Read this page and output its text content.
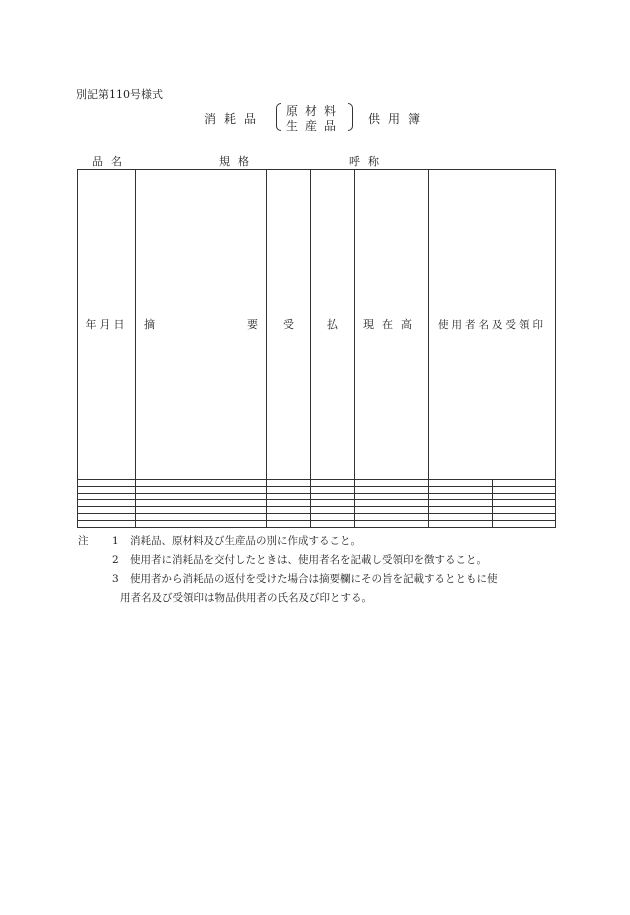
別記第110号様式
消耗品
原材料
生産品 供用簿
品名	規格	呼称
年月日	摘 要	受	払	現在高	使用者名及受領印	

注 1 消耗品、原材料及び生産品の別に作成すること。
2 使用者に消耗品を交付したときは、使用者名を記載し受領印を徴すること。
3 使用者から消耗品の返付を受けた場合は摘要欄にその旨を記載するとともに使
用者名及び受領印は物品供用者の氏名及び印とする。
